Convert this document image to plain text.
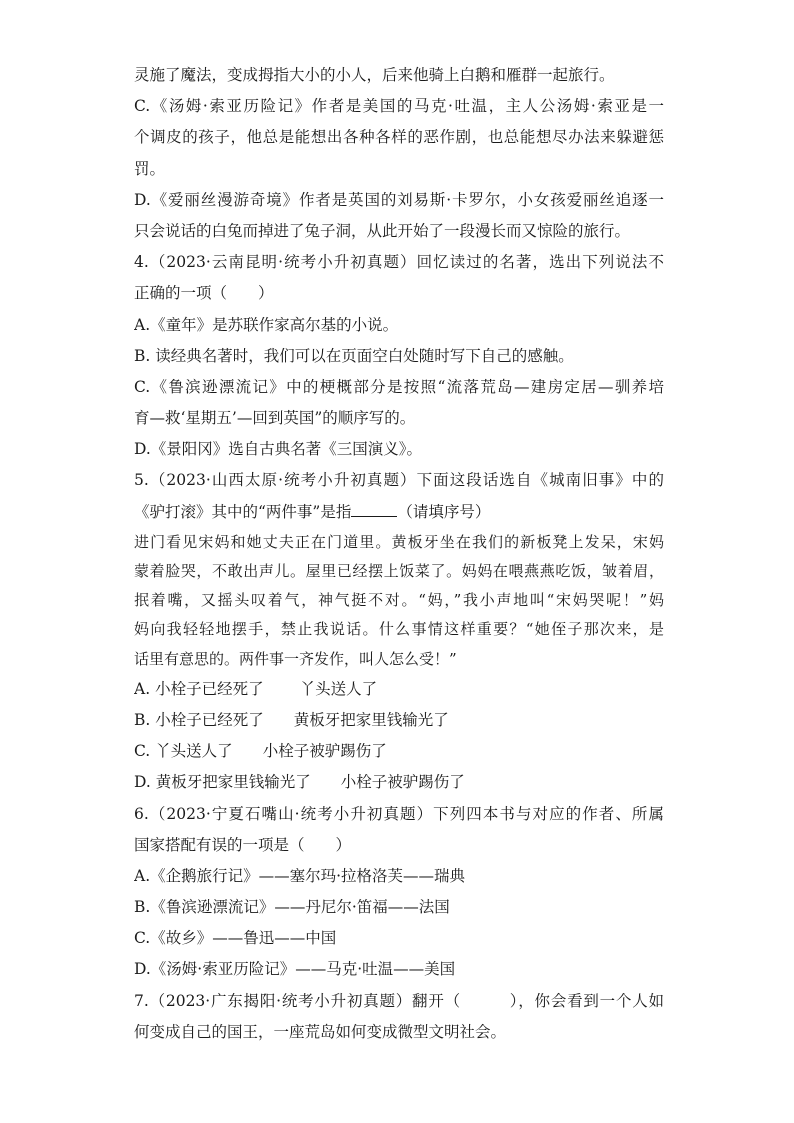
灵施了魔法，变成拇指大小的小人，后来他骑上白鹅和雁群一起旅行。
C.《汤姆·索亚历险记》作者是美国的马克·吐温，主人公汤姆·索亚是一
个调皮的孩子，他总是能想出各种各样的恶作剧，也总能想尽办法来躲避惩
罚。
D.《爱丽丝漫游奇境》作者是英国的刘易斯·卡罗尔，小女孩爱丽丝追逐一
只会说话的白兔而掉进了兔子洞，从此开始了一段漫长而又惊险的旅行。
4.（2023·云南昆明·统考小升初真题）回忆读过的名著，选出下列说法不
正确的一项（　　）
A.《童年》是苏联作家高尔基的小说。
B. 读经典名著时，我们可以在页面空白处随时写下自己的感触。
C.《鲁滨逊漂流记》中的梗概部分是按照“流落荒岛—建房定居—驯养培
育—救‘星期五’—回到英国”的顺序写的。
D.《景阳冈》选自古典名著《三国演义》。
5.（2023·山西太原·统考小升初真题）下面这段话选自《城南旧事》中的
《驴打滚》其中的“两件事”是指	（请填序号）
进门看见宋妈和她丈夫正在门道里。黄板牙坐在我们的新板凳上发呆，宋妈
蒙着脸哭，不敢出声儿。屋里已经摆上饭菜了。妈妈在喂燕燕吃饭，皱着眉，
抿着嘴，又摇头叹着气，神气挺不对。“妈，”我小声地叫“宋妈哭呢！”妈
妈向我轻轻地摆手，禁止我说话。什么事情这样重要？“她侄子那次来，是
话里有意思的。两件事一齐发作，叫人怎么受！”
A. 小栓子已经死了 丫头送人了
B. 小栓子已经死了 黄板牙把家里钱输光了
C. 丫头送人了 小栓子被驴踢伤了
D. 黄板牙把家里钱输光了 小栓子被驴踢伤了
6.（2023·宁夏石嘴山·统考小升初真题）下列四本书与对应的作者、所属
国家搭配有误的一项是（　　）
A.《企鹅旅行记》——塞尔玛·拉格洛芙——瑞典
B.《鲁滨逊漂流记》——丹尼尔·笛福——法国
C.《故乡》——鲁迅——中国
D.《汤姆·索亚历险记》——马克·吐温——美国
7.（2023·广东揭阳·统考小升初真题）翻开（　　　），你会看到一个人如
何变成自己的国王，一座荒岛如何变成微型文明社会。
